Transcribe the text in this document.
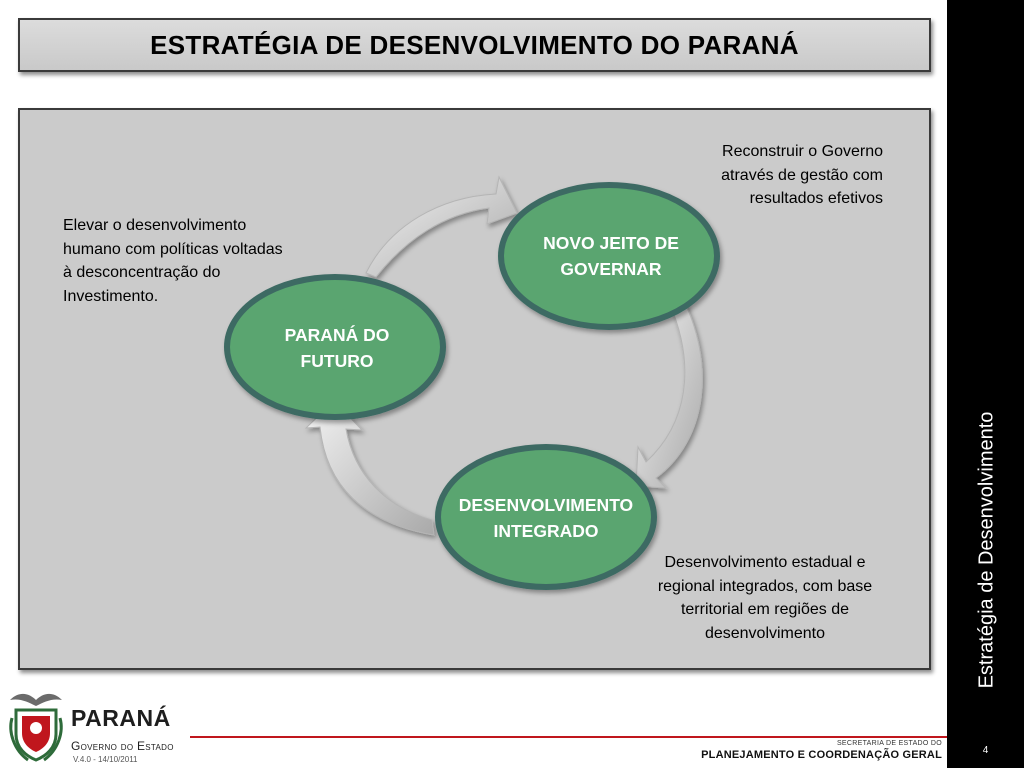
ESTRATÉGIA DE DESENVOLVIMENTO DO PARANÁ
NOVO JEITO DE
GOVERNAR
PARANÁ DO
FUTURO
DESENVOLVIMENTO
INTEGRADO
Reconstruir o Governo
através de gestão com
resultados efetivos
Elevar o desenvolvimento
humano com políticas voltadas
à desconcentração do
Investimento.
Desenvolvimento estadual e
regional integrados, com base
territorial em regiões de
desenvolvimento	Estratégia de Desenvolvimento
4
PARANÁ
Governo do Estado
V.4.0 - 14/10/2011
SECRETARIA DE ESTADO DO
PLANEJAMENTO E COORDENAÇÃO GERAL
